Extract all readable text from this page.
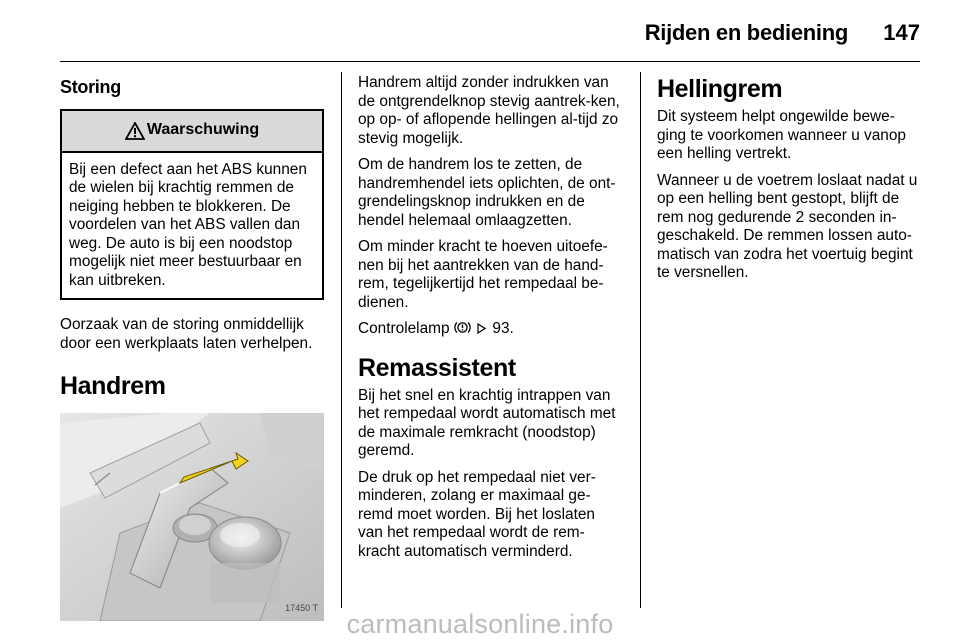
Rijden en bediening 147
Storing
Waarschuwing
Bij een defect aan het ABS kunnen de wielen bij krachtig remmen de neiging hebben te blokkeren. De voordelen van het ABS vallen dan weg. De auto is bij een noodstop mogelijk niet meer bestuurbaar en kan uitbreken.

Oorzaak van de storing onmiddellijk door een werkplaats laten verhelpen.

Handrem
17450 T

Handrem altijd zonder indrukken van de ontgrendelknop stevig aantrek-ken, op op- of aflopende hellingen al-tijd zo stevig mogelijk.

Om de handrem los te zetten, de handremhendel iets oplichten, de ont-grendelingsknop indrukken en de hendel helemaal omlaagzetten.

Om minder kracht te hoeven uitoefe-nen bij het aantrekken van de hand-rem, tegelijkertijd het rempedaal be-dienen.

Controlelamp	93.

Remassistent

Bij het snel en krachtig intrappen van het rempedaal wordt automatisch met de maximale remkracht (noodstop) geremd.

De druk op het rempedaal niet ver-minderen, zolang er maximaal ge-remd moet worden. Bij het loslaten van het rempedaal wordt de rem-kracht automatisch verminderd.

Hellingrem

Dit systeem helpt ongewilde bewe-ging te voorkomen wanneer u vanop een helling vertrekt.

Wanneer u de voetrem loslaat nadat u op een helling bent gestopt, blijft de rem nog gedurende 2 seconden in-geschakeld. De remmen lossen auto-matisch van zodra het voertuig begint te versnellen.

carmanualsonline.info
